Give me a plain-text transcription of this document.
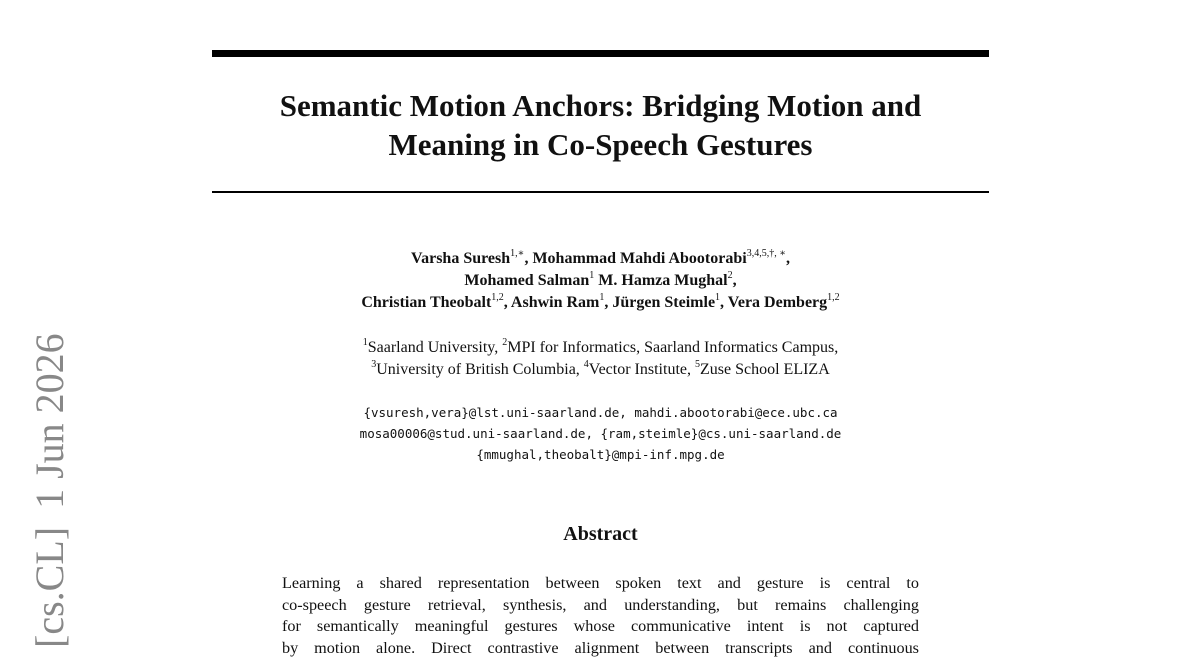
Semantic Motion Anchors: Bridging Motion and
Meaning in Co-Speech Gestures
Varsha Suresh$^{1,∗}$, Mohammad Mahdi Abootorabi$^{3,4,5,\dagger, ∗}$,
Mohamed Salman$^1$ M. Hamza Mughal$^2$,
Christian Theobalt$^{1,2}$, Ashwin Ram$^1$, Jürgen Steimle$^1$, Vera Demberg$^{1,2}$
$^1$Saarland University, $^2$MPI for Informatics, Saarland Informatics Campus,
$^3$University of British Columbia, $^4$Vector Institute, $^5$Zuse School ELIZA
{vsuresh,vera}@lst.uni-saarland.de, mahdi.abootorabi@ece.ubc.ca
mosa00006@stud.uni-saarland.de, {ram,steimle}@cs.uni-saarland.de
{mmughal,theobalt}@mpi-inf.mpg.de
Abstract
Learning a shared representation between spoken text and gesture is central to
co-speech gesture retrieval, synthesis, and understanding, but remains challenging
for semantically meaningful gestures whose communicative intent is not captured
by motion alone. Direct contrastive alignment between transcripts and continuous
[cs.CL]1 Jun 2026
